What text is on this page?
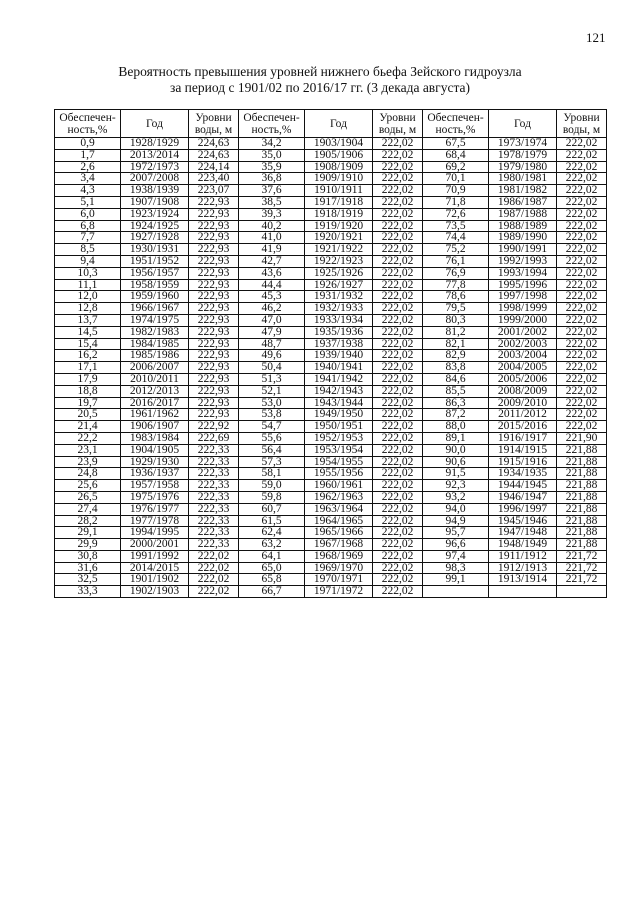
121
Вероятность превышения уровней нижнего бьефа Зейского гидроузла
за период с 1901/02 по 2016/17 гг. (3 декада августа)
Обеспечен-ность,%	Год	Уровни воды, м	Обеспечен-ность,%	Год	Уровни воды, м	Обеспечен-ность,%	Год	Уровни воды, м
0,9	1928/1929	224,63	34,2	1903/1904	222,02	67,5	1973/1974	222,02
1,7	2013/2014	224,63	35,0	1905/1906	222,02	68,4	1978/1979	222,02
2,6	1972/1973	224,14	35,9	1908/1909	222,02	69,2	1979/1980	222,02
3,4	2007/2008	223,40	36,8	1909/1910	222,02	70,1	1980/1981	222,02
4,3	1938/1939	223,07	37,6	1910/1911	222,02	70,9	1981/1982	222,02
5,1	1907/1908	222,93	38,5	1917/1918	222,02	71,8	1986/1987	222,02
6,0	1923/1924	222,93	39,3	1918/1919	222,02	72,6	1987/1988	222,02
6,8	1924/1925	222,93	40,2	1919/1920	222,02	73,5	1988/1989	222,02
7,7	1927/1928	222,93	41,0	1920/1921	222,02	74,4	1989/1990	222,02
8,5	1930/1931	222,93	41,9	1921/1922	222,02	75,2	1990/1991	222,02
9,4	1951/1952	222,93	42,7	1922/1923	222,02	76,1	1992/1993	222,02
10,3	1956/1957	222,93	43,6	1925/1926	222,02	76,9	1993/1994	222,02
11,1	1958/1959	222,93	44,4	1926/1927	222,02	77,8	1995/1996	222,02
12,0	1959/1960	222,93	45,3	1931/1932	222,02	78,6	1997/1998	222,02
12,8	1966/1967	222,93	46,2	1932/1933	222,02	79,5	1998/1999	222,02
13,7	1974/1975	222,93	47,0	1933/1934	222,02	80,3	1999/2000	222,02
14,5	1982/1983	222,93	47,9	1935/1936	222,02	81,2	2001/2002	222,02
15,4	1984/1985	222,93	48,7	1937/1938	222,02	82,1	2002/2003	222,02
16,2	1985/1986	222,93	49,6	1939/1940	222,02	82,9	2003/2004	222,02
17,1	2006/2007	222,93	50,4	1940/1941	222,02	83,8	2004/2005	222,02
17,9	2010/2011	222,93	51,3	1941/1942	222,02	84,6	2005/2006	222,02
18,8	2012/2013	222,93	52,1	1942/1943	222,02	85,5	2008/2009	222,02
19,7	2016/2017	222,93	53,0	1943/1944	222,02	86,3	2009/2010	222,02
20,5	1961/1962	222,93	53,8	1949/1950	222,02	87,2	2011/2012	222,02
21,4	1906/1907	222,92	54,7	1950/1951	222,02	88,0	2015/2016	222,02
22,2	1983/1984	222,69	55,6	1952/1953	222,02	89,1	1916/1917	221,90
23,1	1904/1905	222,33	56,4	1953/1954	222,02	90,0	1914/1915	221,88
23,9	1929/1930	222,33	57,3	1954/1955	222,02	90,6	1915/1916	221,88
24,8	1936/1937	222,33	58,1	1955/1956	222,02	91,5	1934/1935	221,88
25,6	1957/1958	222,33	59,0	1960/1961	222,02	92,3	1944/1945	221,88
26,5	1975/1976	222,33	59,8	1962/1963	222,02	93,2	1946/1947	221,88
27,4	1976/1977	222,33	60,7	1963/1964	222,02	94,0	1996/1997	221,88
28,2	1977/1978	222,33	61,5	1964/1965	222,02	94,9	1945/1946	221,88
29,1	1994/1995	222,33	62,4	1965/1966	222,02	95,7	1947/1948	221,88
29,9	2000/2001	222,33	63,2	1967/1968	222,02	96,6	1948/1949	221,88
30,8	1991/1992	222,02	64,1	1968/1969	222,02	97,4	1911/1912	221,72
31,6	2014/2015	222,02	65,0	1969/1970	222,02	98,3	1912/1913	221,72
32,5	1901/1902	222,02	65,8	1970/1971	222,02	99,1	1913/1914	221,72
33,3	1902/1903	222,02	66,7	1971/1972	222,02			
